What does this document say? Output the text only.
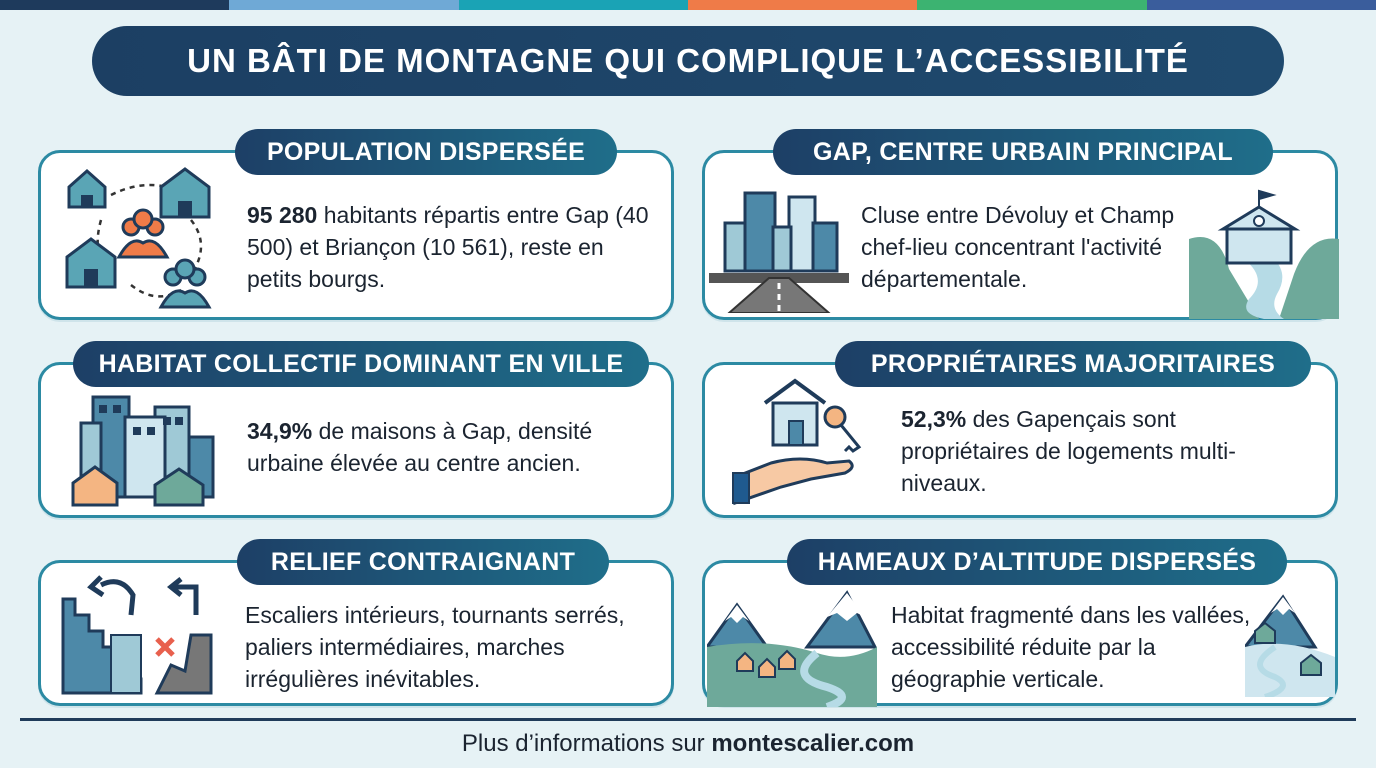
UN BÂTI DE MONTAGNE QUI COMPLIQUE L’ACCESSIBILITÉ
POPULATION DISPERSÉE
95 280 habitants répartis entre Gap (40 500) et Briançon (10 561), reste en petits bourgs.
GAP, CENTRE URBAIN PRINCIPAL
Cluse entre Dévoluy et Champ chef-lieu concentrant l'activité départementale.
HABITAT COLLECTIF DOMINANT EN VILLE
34,9% de maisons à Gap, densité urbaine élevée au centre ancien.
PROPRIÉTAIRES MAJORITAIRES
52,3% des Gapençais sont propriétaires de logements multi-niveaux.
RELIEF CONTRAIGNANT
Escaliers intérieurs, tournants serrés, paliers intermédiaires, marches irrégulières inévitables.
HAMEAUX D’ALTITUDE DISPERSÉS
Habitat fragmenté dans les vallées, accessibilité réduite par la géographie verticale.
Plus d’informations sur montescalier.com
